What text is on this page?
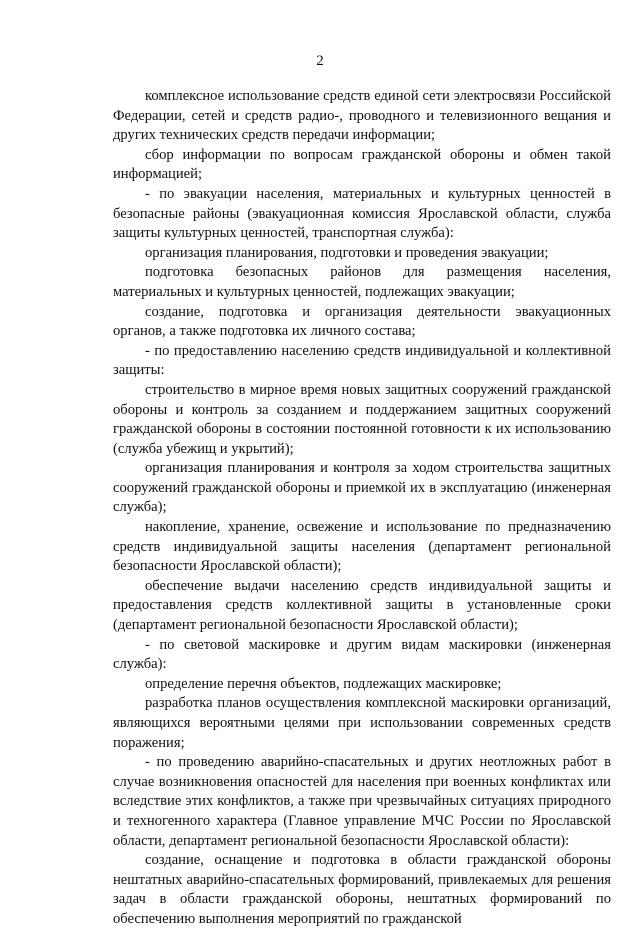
2

комплексное использование средств единой сети электросвязи Российской Федерации, сетей и средств радио-, проводного и телевизионного вещания и других технических средств передачи информации;

сбор информации по вопросам гражданской обороны и обмен такой информацией;

- по эвакуации населения, материальных и культурных ценностей в безопасные районы (эвакуационная комиссия Ярославской области, служба защиты культурных ценностей, транспортная служба):

организация планирования, подготовки и проведения эвакуации;

подготовка безопасных районов для размещения населения, материальных и культурных ценностей, подлежащих эвакуации;

создание, подготовка и организация деятельности эвакуационных органов, а также подготовка их личного состава;

- по предоставлению населению средств индивидуальной и коллективной защиты:

строительство в мирное время новых защитных сооружений гражданской обороны и контроль за созданием и поддержанием защитных сооружений гражданской обороны в состоянии постоянной готовности к их использованию (служба убежищ и укрытий);

организация планирования и контроля за ходом строительства защитных сооружений гражданской обороны и приемкой их в эксплуатацию (инженерная служба);

накопление, хранение, освежение и использование по предназначению средств индивидуальной защиты населения (департамент региональной безопасности Ярославской области);

обеспечение выдачи населению средств индивидуальной защиты и предоставления средств коллективной защиты в установленные сроки (департамент региональной безопасности Ярославской области);

- по световой маскировке и другим видам маскировки (инженерная служба):

определение перечня объектов, подлежащих маскировке;

разработка планов осуществления комплексной маскировки организаций, являющихся вероятными целями при использовании современных средств поражения;

- по проведению аварийно-спасательных и других неотложных работ в случае возникновения опасностей для населения при военных конфликтах или вследствие этих конфликтов, а также при чрезвычайных ситуациях природного и техногенного характера (Главное управление МЧС России по Ярославской области, департамент региональной безопасности Ярославской области):

создание, оснащение и подготовка в области гражданской обороны нештатных аварийно-спасательных формирований, привлекаемых для решения задач в области гражданской обороны, нештатных формирований по обеспечению выполнения мероприятий по гражданской
